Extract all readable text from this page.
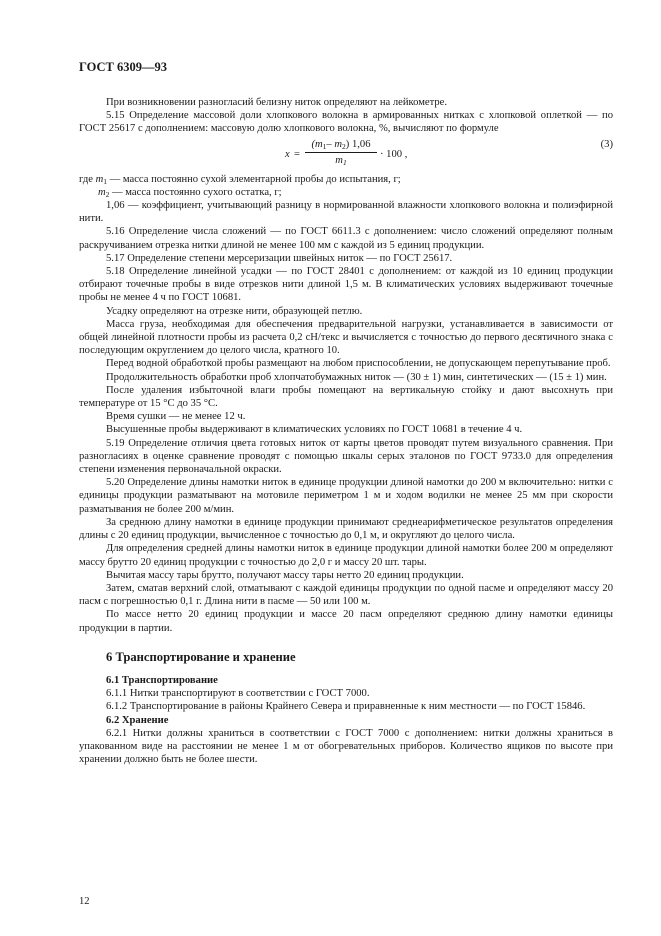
ГОСТ 6309—93

При возникновении разногласий белизну ниток определяют на лейкометре.

5.15 Определение массовой доли хлопкового волокна в армированных нитках с хлопковой оплеткой — по ГОСТ 25617 с дополнением: массовую долю хлопкового волокна, %, вычисляют по формуле

$x = \frac{(m_1- m_2) 1,06}{m_1} \cdot 100$ ,
(3)

где $m_1$ — масса постоянно сухой элементарной пробы до испытания, г;

$m_2$ — масса постоянно сухого остатка, г;

1,06 — коэффициент, учитывающий разницу в нормированной влажности хлопкового волокна и полиэфирной нити.

5.16 Определение числа сложений — по ГОСТ 6611.3 с дополнением: число сложений определяют полным раскручиванием отрезка нитки длиной не менее 100 мм с каждой из 5 единиц продукции.

5.17 Определение степени мерсеризации швейных ниток — по ГОСТ 25617.

5.18 Определение линейной усадки — по ГОСТ 28401 с дополнением: от каждой из 10 единиц продукции отбирают точечные пробы в виде отрезков нити длиной 1,5 м. В климатических условиях выдерживают точечные пробы не менее 4 ч по ГОСТ 10681.

Усадку определяют на отрезке нити, образующей петлю.

Масса груза, необходимая для обеспечения предварительной нагрузки, устанавливается в зависимости от общей линейной плотности пробы из расчета 0,2 сН/текс и вычисляется с точностью до первого десятичного знака с последующим округлением до целого числа, кратного 10.

Перед водной обработкой пробы размещают на любом приспособлении, не допускающем перепутывание проб.

Продолжительность обработки проб хлопчатобумажных ниток — (30 ± 1) мин, синтетических — (15 ± 1) мин.

После удаления избыточной влаги пробы помещают на вертикальную стойку и дают высохнуть при температуре от 15 °С до 35 °С.

Время сушки — не менее 12 ч.

Высушенные пробы выдерживают в климатических условиях по ГОСТ 10681 в течение 4 ч.

5.19 Определение отличия цвета готовых ниток от карты цветов проводят путем визуального сравнения. При разногласиях в оценке сравнение проводят с помощью шкалы серых эталонов по ГОСТ 9733.0 для определения степени изменения первоначальной окраски.

5.20 Определение длины намотки ниток в единице продукции длиной намотки до 200 м включительно: нитки с единицы продукции разматывают на мотовиле периметром 1 м и ходом водилки не менее 25 мм при скорости разматывания не более 200 м/мин.

За среднюю длину намотки в единице продукции принимают среднеарифметическое результатов определения длины с 20 единиц продукции, вычисленное с точностью до 0,1 м, и округляют до целого числа.

Для определения средней длины намотки ниток в единице продукции длиной намотки более 200 м определяют массу брутто 20 единиц продукции с точностью до 2,0 г и массу 20 шт. тары.

Вычитая массу тары брутто, получают массу тары нетто 20 единиц продукции.

Затем, сматав верхний слой, отматывают с каждой единицы продукции по одной пасме и определяют массу 20 пасм с погрешностью 0,1 г. Длина нити в пасме — 50 или 100 м.

По массе нетто 20 единиц продукции и массе 20 пасм определяют среднюю длину намотки единицы продукции в партии.

6 Транспортирование и хранение
6.1 Транспортирование

6.1.1 Нитки транспортируют в соответствии с ГОСТ 7000.

6.1.2 Транспортирование в районы Крайнего Севера и приравненные к ним местности — по ГОСТ 15846.

6.2 Хранение

6.2.1 Нитки должны храниться в соответствии с ГОСТ 7000 с дополнением: нитки должны храниться в упакованном виде на расстоянии не менее 1 м от обогревательных приборов. Количество ящиков по высоте при хранении должно быть не более шести.

12
